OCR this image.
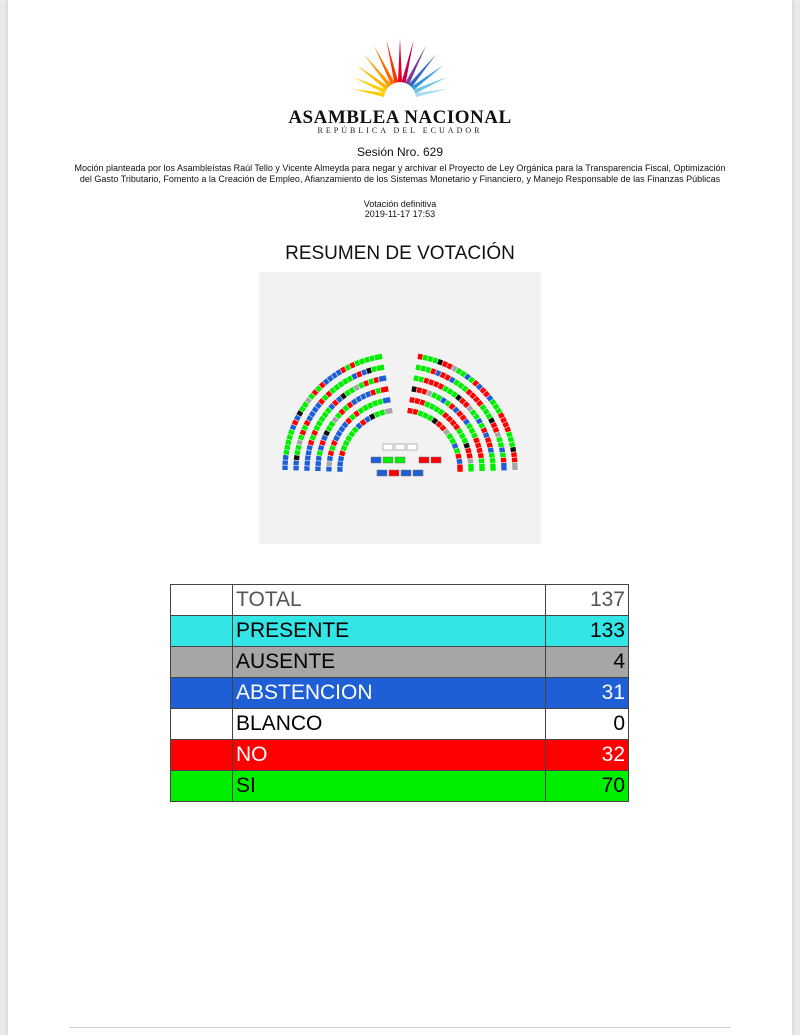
ASAMBLEA NACIONAL
REPÚBLICA DEL ECUADOR
Sesión Nro. 629
Moción planteada por los Asambleístas Raúl Tello y Vicente Almeyda para negar y archivar el Proyecto de Ley Orgánica para la Transparencia Fiscal, Optimización del Gasto Tributario, Fomento a la Creación de Empleo, Afianzamiento de los Sistemas Monetario y Financiero, y Manejo Responsable de las Finanzas Públicas
Votación definitiva
2019-11-17 17:53
RESUMEN DE VOTACIÓN
	TOTAL	137
	PRESENTE	133
	AUSENTE	4
	ABSTENCION	31
	BLANCO	0
	NO	32
	SI	70
